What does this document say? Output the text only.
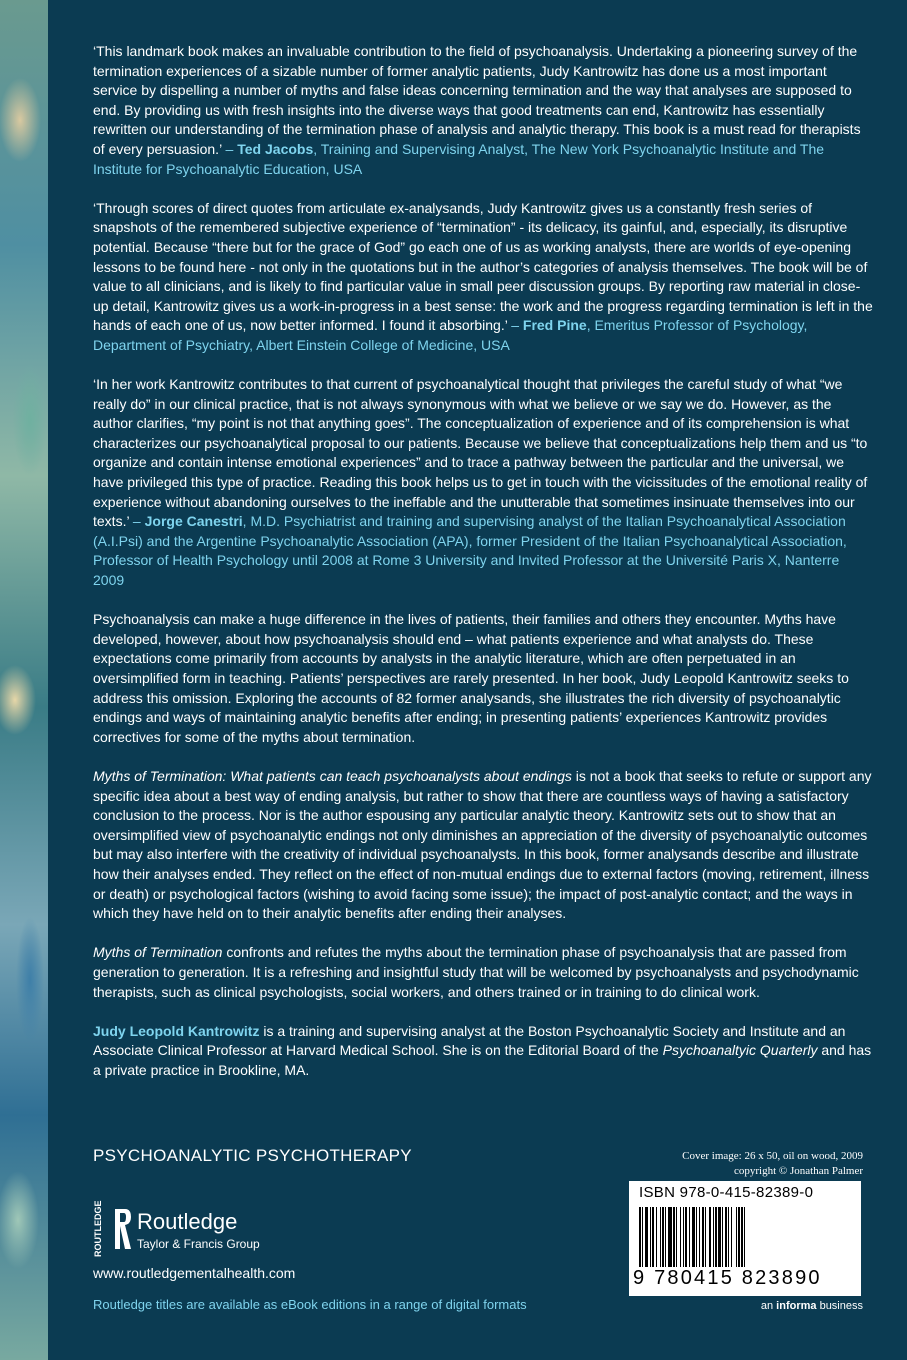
‘This landmark book makes an invaluable contribution to the field of psychoanalysis. Undertaking a pioneering survey of the termination experiences of a sizable number of former analytic patients, Judy Kantrowitz has done us a most important service by dispelling a number of myths and false ideas concerning termination and the way that analyses are supposed to end. By providing us with fresh insights into the diverse ways that good treatments can end, Kantrowitz has essentially rewritten our understanding of the termination phase of analysis and analytic therapy. This book is a must read for therapists of every persuasion.’ – Ted Jacobs, Training and Supervising Analyst, The New York Psychoanalytic Institute and The Institute for Psychoanalytic Education, USA

‘Through scores of direct quotes from articulate ex-analysands, Judy Kantrowitz gives us a constantly fresh series of snapshots of the remembered subjective experience of “termination” - its delicacy, its gainful, and, especially, its disruptive potential. Because “there but for the grace of God” go each one of us as working analysts, there are worlds of eye-opening lessons to be found here - not only in the quotations but in the author’s categories of analysis themselves. The book will be of value to all clinicians, and is likely to find particular value in small peer discussion groups. By reporting raw material in close-up detail, Kantrowitz gives us a work-in-progress in a best sense: the work and the progress regarding termination is left in the hands of each one of us, now better informed. I found it absorbing.’ – Fred Pine, Emeritus Professor of Psychology, Department of Psychiatry, Albert Einstein College of Medicine, USA

‘In her work Kantrowitz contributes to that current of psychoanalytical thought that privileges the careful study of what “we really do” in our clinical practice, that is not always synonymous with what we believe or we say we do. However, as the author clarifies, “my point is not that anything goes”. The conceptualization of experience and of its comprehension is what characterizes our psychoanalytical proposal to our patients. Because we believe that conceptualizations help them and us “to organize and contain intense emotional experiences” and to trace a pathway between the particular and the universal, we have privileged this type of practice. Reading this book helps us to get in touch with the vicissitudes of the emotional reality of experience without abandoning ourselves to the ineffable and the unutterable that sometimes insinuate themselves into our texts.’ – Jorge Canestri, M.D. Psychiatrist and training and supervising analyst of the Italian Psychoanalytical Association (A.I.Psi) and the Argentine Psychoanalytic Association (APA), former President of the Italian Psychoanalytical Association, Professor of Health Psychology until 2008 at Rome 3 University and Invited Professor at the Université Paris X, Nanterre 2009

Psychoanalysis can make a huge difference in the lives of patients, their families and others they encounter. Myths have developed, however, about how psychoanalysis should end – what patients experience and what analysts do. These expectations come primarily from accounts by analysts in the analytic literature, which are often perpetuated in an oversimplified form in teaching. Patients’ perspectives are rarely presented. In her book, Judy Leopold Kantrowitz seeks to address this omission. Exploring the accounts of 82 former analysands, she illustrates the rich diversity of psychoanalytic endings and ways of maintaining analytic benefits after ending; in presenting patients’ experiences Kantrowitz provides correctives for some of the myths about termination.

Myths of Termination: What patients can teach psychoanalysts about endings is not a book that seeks to refute or support any specific idea about a best way of ending analysis, but rather to show that there are countless ways of having a satisfactory conclusion to the process. Nor is the author espousing any particular analytic theory. Kantrowitz sets out to show that an oversimplified view of psychoanalytic endings not only diminishes an appreciation of the diversity of psychoanalytic outcomes but may also interfere with the creativity of individual psychoanalysts. In this book, former analysands describe and illustrate how their analyses ended. They reflect on the effect of non-mutual endings due to external factors (moving, retirement, illness or death) or psychological factors (wishing to avoid facing some issue); the impact of post-analytic contact; and the ways in which they have held on to their analytic benefits after ending their analyses.

Myths of Termination confronts and refutes the myths about the termination phase of psychoanalysis that are passed from generation to generation. It is a refreshing and insightful study that will be welcomed by psychoanalysts and psychodynamic therapists, such as clinical psychologists, social workers, and others trained or in training to do clinical work.

Judy Leopold Kantrowitz is a training and supervising analyst at the Boston Psychoanalytic Society and Institute and an Associate Clinical Professor at Harvard Medical School. She is on the Editorial Board of the Psychoanaltyic Quarterly and has a private practice in Brookline, MA.

PSYCHOANALYTIC PSYCHOTHERAPY
ROUTLEDGE	Routledge
Taylor & Francis Group
www.routledgementalhealth.com
Routledge titles are available as eBook editions in a range of digital formats
Cover image: 26 x 50, oil on wood, 2009
copyright © Jonathan Palmer
ISBN 978-0-415-82389-0
9 780415 823890
an informa business
